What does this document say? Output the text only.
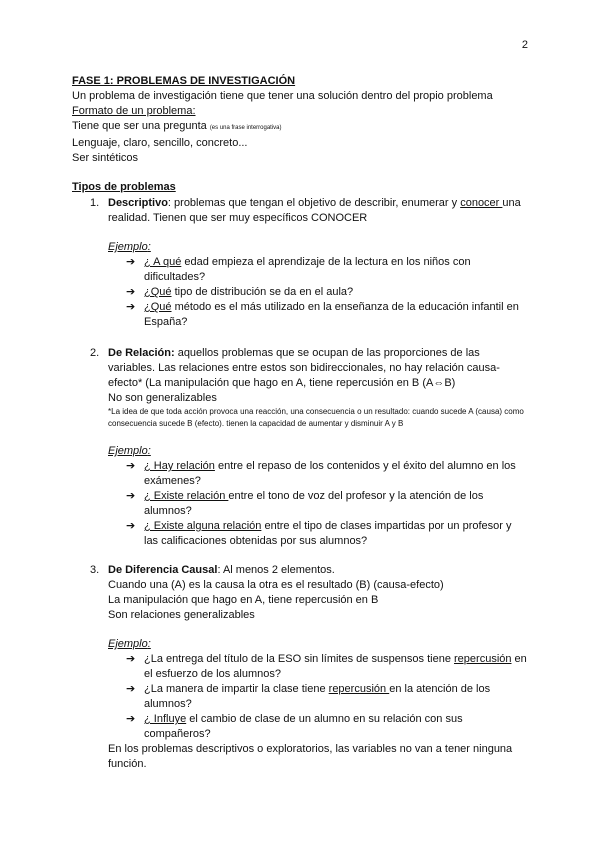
2
FASE 1: PROBLEMAS DE INVESTIGACIÓN
Un problema de investigación tiene que tener una solución dentro del propio problema
Formato de un problema:
Tiene que ser una pregunta (es una frase interrogativa)
Lenguaje, claro, sencillo, concreto...
Ser sintéticos
Tipos de problemas
1. Descriptivo: problemas que tengan el objetivo de describir, enumerar y conocer una realidad. Tienen que ser muy específicos CONOCER
Ejemplo:
➔ ¿ A qué edad empieza el aprendizaje de la lectura en los niños con dificultades?
➔ ¿Qué tipo de distribución se da en el aula?
➔ ¿Qué método es el más utilizado en la enseñanza de la educación infantil en España?
2. De Relación: aquellos problemas que se ocupan de las proporciones de las variables. Las relaciones entre estos son bidireccionales, no hay relación causa-efecto* (La manipulación que hago en A, tiene repercusión en B (A⇔B)
No son generalizables
*La idea de que toda acción provoca una reacción, una consecuencia o un resultado: cuando sucede A (causa) como consecuencia sucede B (efecto). tienen la capacidad de aumentar y disminuir A y B
Ejemplo:
➔ ¿ Hay relación entre el repaso de los contenidos y el éxito del alumno en los exámenes?
➔ ¿ Existe relación entre el tono de voz del profesor y la atención de los alumnos?
➔ ¿ Existe alguna relación entre el tipo de clases impartidas por un profesor y las calificaciones obtenidas por sus alumnos?
3. De Diferencia Causal: Al menos 2 elementos.
Cuando una (A) es la causa la otra es el resultado (B) (causa-efecto)
La manipulación que hago en A, tiene repercusión en B
Son relaciones generalizables
Ejemplo:
➔ ¿La entrega del título de la ESO sin límites de suspensos tiene repercusión en el esfuerzo de los alumnos?
➔ ¿La manera de impartir la clase tiene repercusión en la atención de los alumnos?
➔ ¿ Influye el cambio de clase de un alumno en su relación con sus compañeros?
En los problemas descriptivos o exploratorios, las variables no van a tener ninguna función.
